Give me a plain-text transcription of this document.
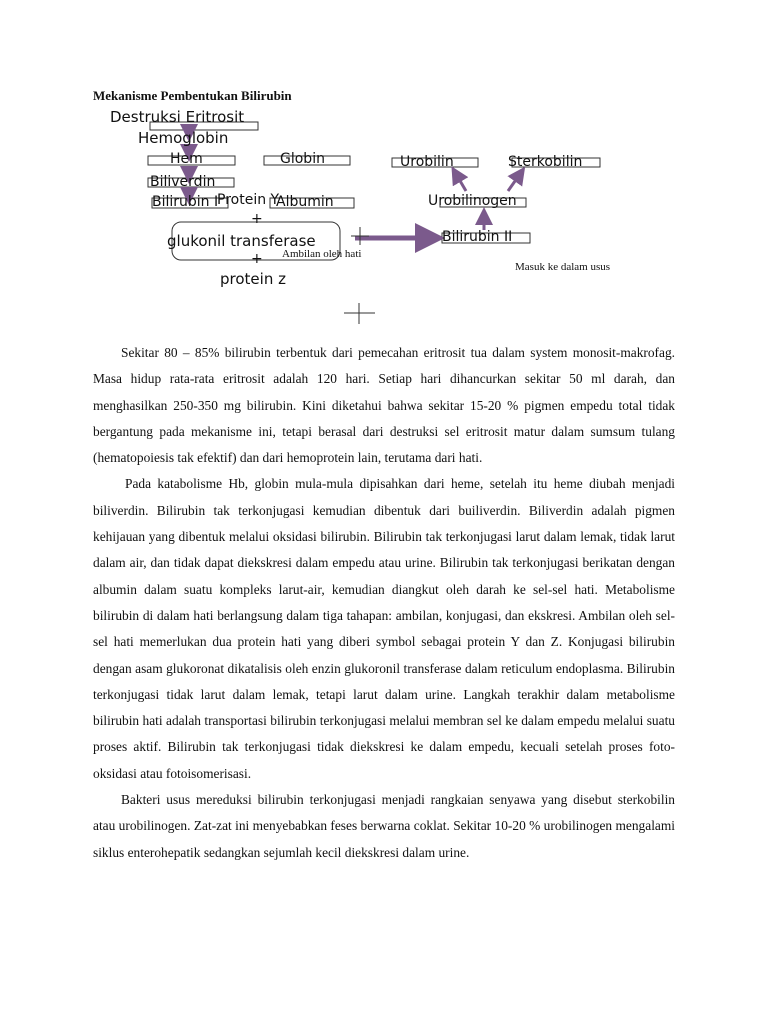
Mekanisme Pembentukan Bilirubin
Destruksi Eritrosit
Hemoglobin
Hem	Globin
Biliverdin
Bilirubin I
Protein Y
Albumin
+
glukonil transferase
+
protein z
Ambilan oleh hati
Urobilin	Sterkobilin
Urobilinogen
Bilirubin II
Masuk ke dalam usus

Sekitar 80 – 85% bilirubin terbentuk dari pemecahan eritrosit tua dalam system monosit-makrofag. Masa hidup rata-rata eritrosit adalah 120 hari. Setiap hari dihancurkan sekitar 50 ml darah, dan menghasilkan 250-350 mg bilirubin. Kini diketahui bahwa sekitar 15-20 % pigmen empedu total tidak bergantung pada mekanisme ini, tetapi berasal dari destruksi sel eritrosit matur dalam sumsum tulang (hematopoiesis tak efektif) dan dari hemoprotein lain, terutama dari hati.

Pada katabolisme Hb, globin mula-mula dipisahkan dari heme, setelah itu heme diubah menjadi biliverdin. Bilirubin tak terkonjugasi kemudian dibentuk dari builiverdin. Biliverdin adalah pigmen kehijauan yang dibentuk melalui oksidasi bilirubin. Bilirubin tak terkonjugasi larut dalam lemak, tidak larut dalam air, dan tidak dapat diekskresi dalam empedu atau urine. Bilirubin tak terkonjugasi berikatan dengan albumin dalam suatu kompleks larut-air, kemudian diangkut oleh darah ke sel-sel hati. Metabolisme bilirubin di dalam hati berlangsung dalam tiga tahapan: ambilan, konjugasi, dan ekskresi. Ambilan oleh sel-sel hati memerlukan dua protein hati yang diberi symbol sebagai protein Y dan Z. Konjugasi bilirubin dengan asam glukoronat dikatalisis oleh enzin glukoronil transferase dalam reticulum endoplasma. Bilirubin terkonjugasi tidak larut dalam lemak, tetapi larut dalam urine. Langkah terakhir dalam metabolisme bilirubin hati adalah transportasi bilirubin terkonjugasi melalui membran sel ke dalam empedu melalui suatu proses aktif. Bilirubin tak terkonjugasi tidak diekskresi ke dalam empedu, kecuali setelah proses foto-oksidasi atau fotoisomerisasi.

Bakteri usus mereduksi bilirubin terkonjugasi menjadi rangkaian senyawa yang disebut sterkobilin atau urobilinogen. Zat-zat ini menyebabkan feses berwarna coklat. Sekitar 10-20 % urobilinogen mengalami siklus enterohepatik sedangkan sejumlah kecil diekskresi dalam urine.
